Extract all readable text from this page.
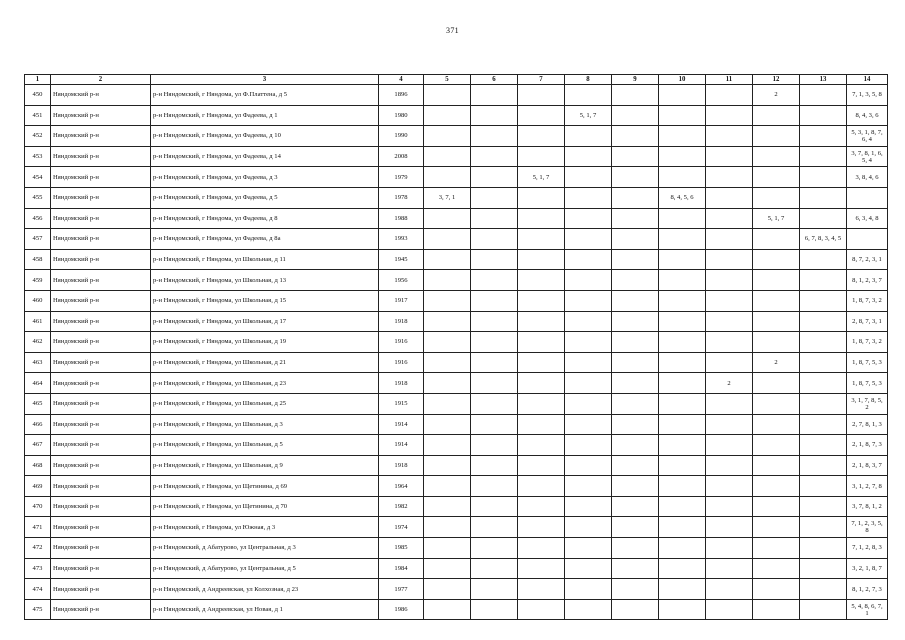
371
1	2	3	4	5	6	7	8	9	10	11	12	13	14
450	Няндомский р-н	р-н Няндомский, г Няндома, ул Ф.Платтена, д 5	1896								2		7, 1, 3, 5, 8
451	Няндомский р-н	р-н Няндомский, г Няндома, ул Фадеева, д 1	1980				5, 1, 7						8, 4, 3, 6
452	Няндомский р-н	р-н Няндомский, г Няндома, ул Фадеева, д 10	1990										5, 3, 1, 8, 7, 6, 4
453	Няндомский р-н	р-н Няндомский, г Няндома, ул Фадеева, д 14	2008										3, 7, 8, 1, 6, 5, 4
454	Няндомский р-н	р-н Няндомский, г Няндома, ул Фадеева, д 3	1979			5, 1, 7							3, 8, 4, 6
455	Няндомский р-н	р-н Няндомский, г Няндома, ул Фадеева, д 5	1978	3, 7, 1					8, 4, 5, 6				
456	Няндомский р-н	р-н Няндомский, г Няндома, ул Фадеева, д 8	1988								5, 1, 7		6, 3, 4, 8
457	Няндомский р-н	р-н Няндомский, г Няндома, ул Фадеева, д 8а	1993									6, 7, 8, 3, 4, 5	
458	Няндомский р-н	р-н Няндомский, г Няндома, ул Школьная, д 11	1945										8, 7, 2, 3, 1
459	Няндомский р-н	р-н Няндомский, г Няндома, ул Школьная, д 13	1956										8, 1, 2, 3, 7
460	Няндомский р-н	р-н Няндомский, г Няндома, ул Школьная, д 15	1917										1, 8, 7, 3, 2
461	Няндомский р-н	р-н Няндомский, г Няндома, ул Школьная, д 17	1918										2, 8, 7, 3, 1
462	Няндомский р-н	р-н Няндомский, г Няндома, ул Школьная, д 19	1916										1, 8, 7, 3, 2
463	Няндомский р-н	р-н Няндомский, г Няндома, ул Школьная, д 21	1916								2		1, 8, 7, 5, 3
464	Няндомский р-н	р-н Няндомский, г Няндома, ул Школьная, д 23	1918							2			1, 8, 7, 5, 3
465	Няндомский р-н	р-н Няндомский, г Няндома, ул Школьная, д 25	1915										3, 1, 7, 8, 5, 2
466	Няндомский р-н	р-н Няндомский, г Няндома, ул Школьная, д 3	1914										2, 7, 8, 1, 3
467	Няндомский р-н	р-н Няндомский, г Няндома, ул Школьная, д 5	1914										2, 1, 8, 7, 3
468	Няндомский р-н	р-н Няндомский, г Няндома, ул Школьная, д 9	1918										2, 1, 8, 3, 7
469	Няндомский р-н	р-н Няндомский, г Няндома, ул Щетинина, д 69	1964										3, 1, 2, 7, 8
470	Няндомский р-н	р-н Няндомский, г Няндома, ул Щетинина, д 70	1982										3, 7, 8, 1, 2
471	Няндомский р-н	р-н Няндомский, г Няндома, ул Южная, д 3	1974										7, 1, 2, 3, 5, 8
472	Няндомский р-н	р-н Няндомский, д Абатурово, ул Центральная, д 3	1985										7, 1, 2, 8, 3
473	Няндомский р-н	р-н Няндомский, д Абатурово, ул Центральная, д 5	1984										3, 2, 1, 8, 7
474	Няндомский р-н	р-н Няндомский, д Андреевская, ул Колхозная, д 23	1977										8, 1, 2, 7, 3
475	Няндомский р-н	р-н Няндомский, д Андреевская, ул Новая, д 1	1986										5, 4, 8, 6, 7, 1
